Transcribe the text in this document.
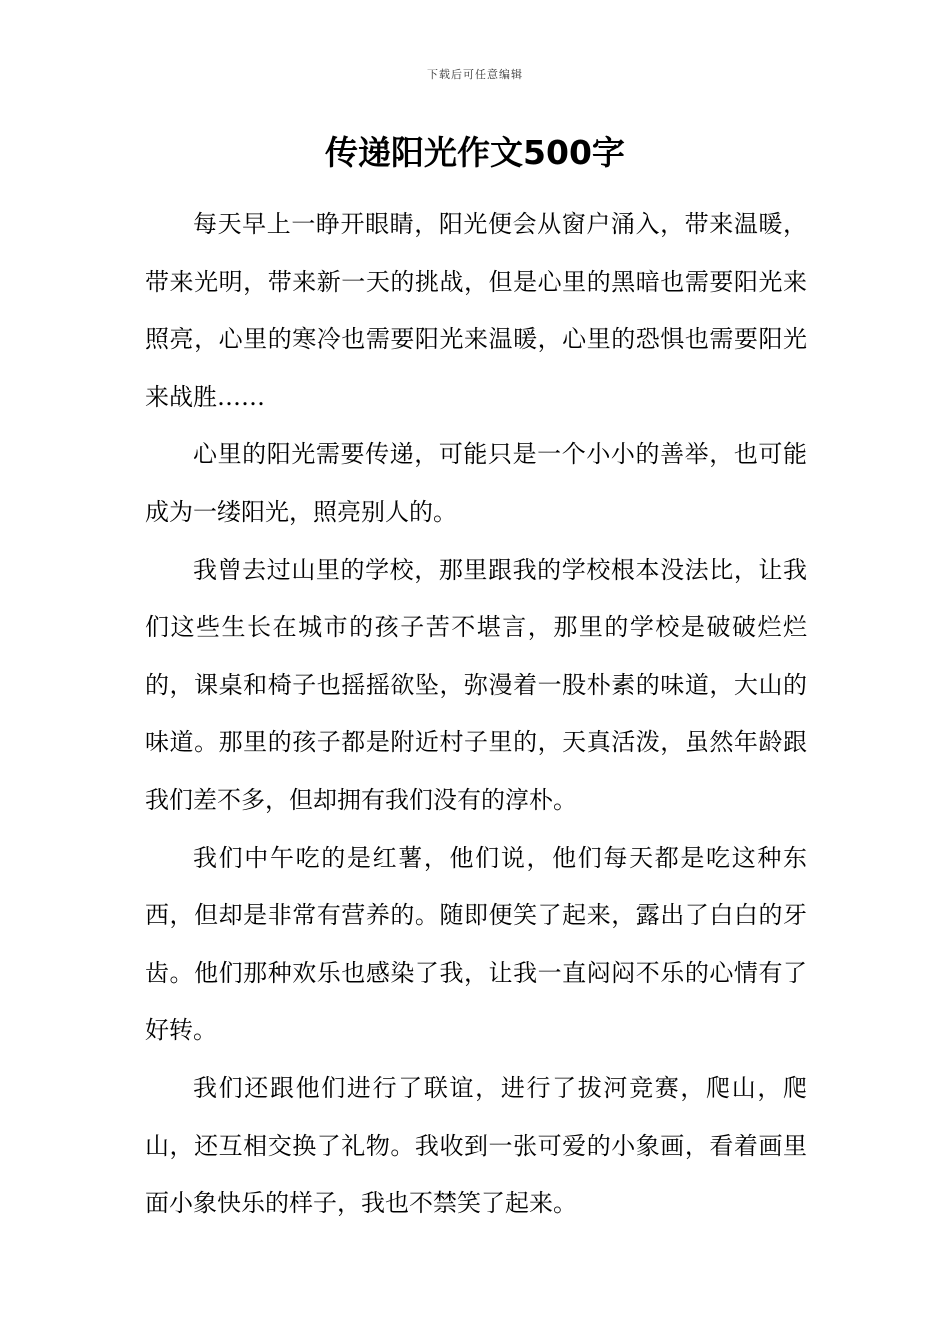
下载后可任意编辑
传递阳光作文500字

每天早上一睁开眼睛，阳光便会从窗户涌入，带来温暖，带来光明，带来新一天的挑战，但是心里的黑暗也需要阳光来照亮，心里的寒冷也需要阳光来温暖，心里的恐惧也需要阳光来战胜……

心里的阳光需要传递，可能只是一个小小的善举，也可能成为一缕阳光，照亮别人的。

我曾去过山里的学校，那里跟我的学校根本没法比，让我们这些生长在城市的孩子苦不堪言，那里的学校是破破烂烂的，课桌和椅子也摇摇欲坠，弥漫着一股朴素的味道，大山的味道。那里的孩子都是附近村子里的，天真活泼，虽然年龄跟我们差不多，但却拥有我们没有的淳朴。

我们中午吃的是红薯，他们说，他们每天都是吃这种东西，但却是非常有营养的。随即便笑了起来，露出了白白的牙齿。他们那种欢乐也感染了我，让我一直闷闷不乐的心情有了好转。

我们还跟他们进行了联谊，进行了拔河竞赛，爬山，爬山，还互相交换了礼物。我收到一张可爱的小象画，看着画里面小象快乐的样子，我也不禁笑了起来。
